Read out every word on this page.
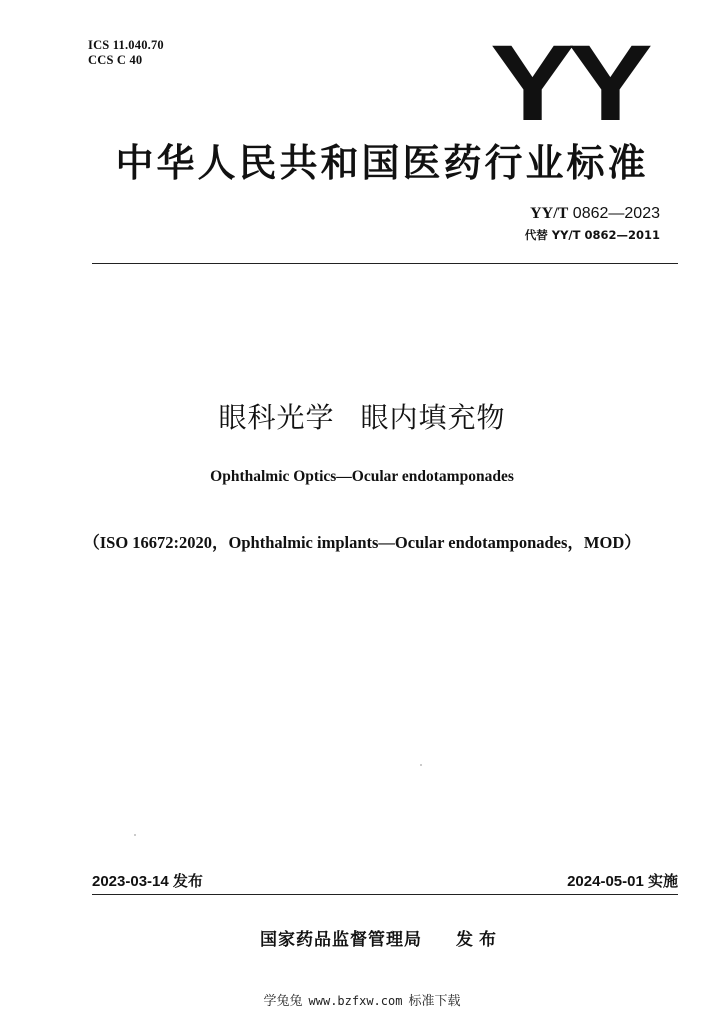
ICS 11.040.70
CCS C 40	YY
中华人民共和国医药行业标准
YY/T 0862—2023
代替 YY/T 0862—2011
眼科光学 眼内填充物
Ophthalmic Optics—Ocular endotamponades
（ISO 16672:2020，Ophthalmic implants—Ocular endotamponades，MOD）
2023-03-14 发布	2024-05-01 实施
国家药品监督管理局 发布
学兔兔 www.bzfxw.com 标准下载
